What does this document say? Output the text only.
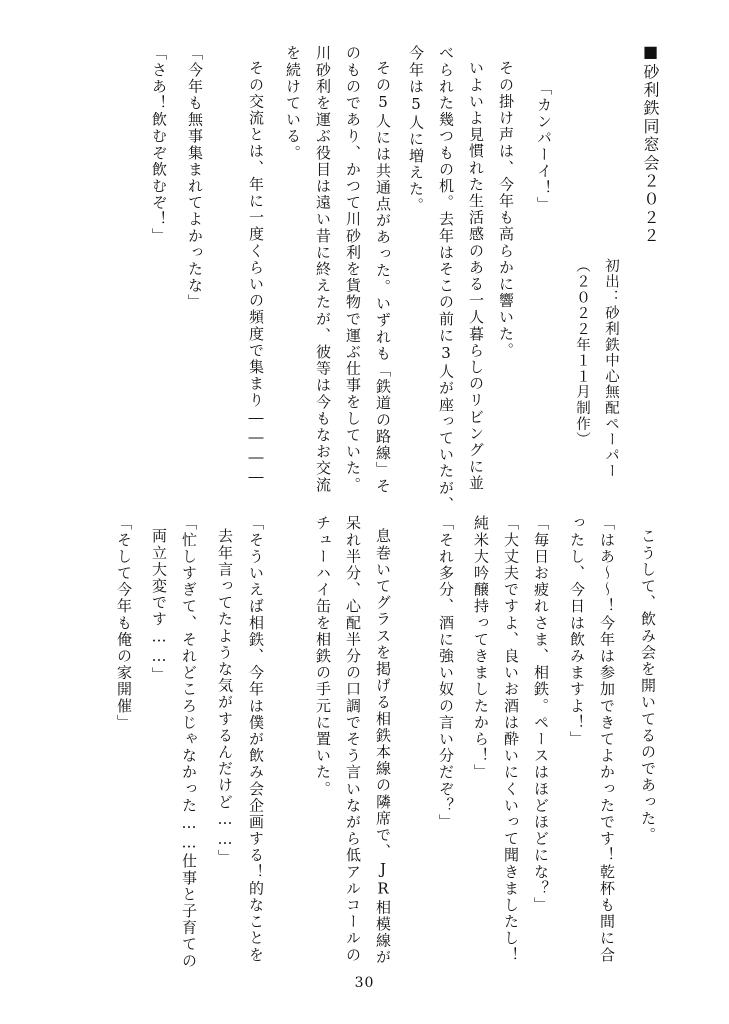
■砂利鉄同窓会２０２２
初出：砂利鉄中心無配ペーパー
（２０２２年１１月制作）
「カンパーイ！」
その掛け声は、今年も高らかに響いた。
いよいよ見慣れた生活感のある一人暮らしのリビングに並
べられた幾つもの机。去年はそこの前に3人が座っていたが、
今年は5人に増えた。
その5人には共通点があった。いずれも「鉄道の路線」そ
のものであり、かつて川砂利を貨物で運ぶ仕事をしていた。
川砂利を運ぶ役目は遠い昔に終えたが、彼等は今もなお交流
を続けている。
その交流とは、年に一度くらいの頻度で集まり――――
「今年も無事集まれてよかったな」
「さあ！飲むぞ飲むぞ！」
こうして、飲み会を開いてるのであった。
「はあ～～！今年は参加できてよかったです！乾杯も間に合
ったし、今日は飲みますよ！」
「毎日お疲れさま、相鉄。ペースはほどほどにな？」
「大丈夫ですよ、良いお酒は酔いにくいって聞きましたし！
純米大吟醸持ってきましたから！」
「それ多分、酒に強い奴の言い分だぞ？」
息巻いてグラスを掲げる相鉄本線の隣席で、JR相模線が
呆れ半分、心配半分の口調でそう言いながら低アルコールの
チューハイ缶を相鉄の手元に置いた。
「そういえば相鉄、今年は僕が飲み会企画する！的なことを
去年言ってたような気がするんだけど……」
「忙しすぎて、それどころじゃなかった……仕事と子育ての
両立大変です……」
「そして今年も俺の家開催」
30
